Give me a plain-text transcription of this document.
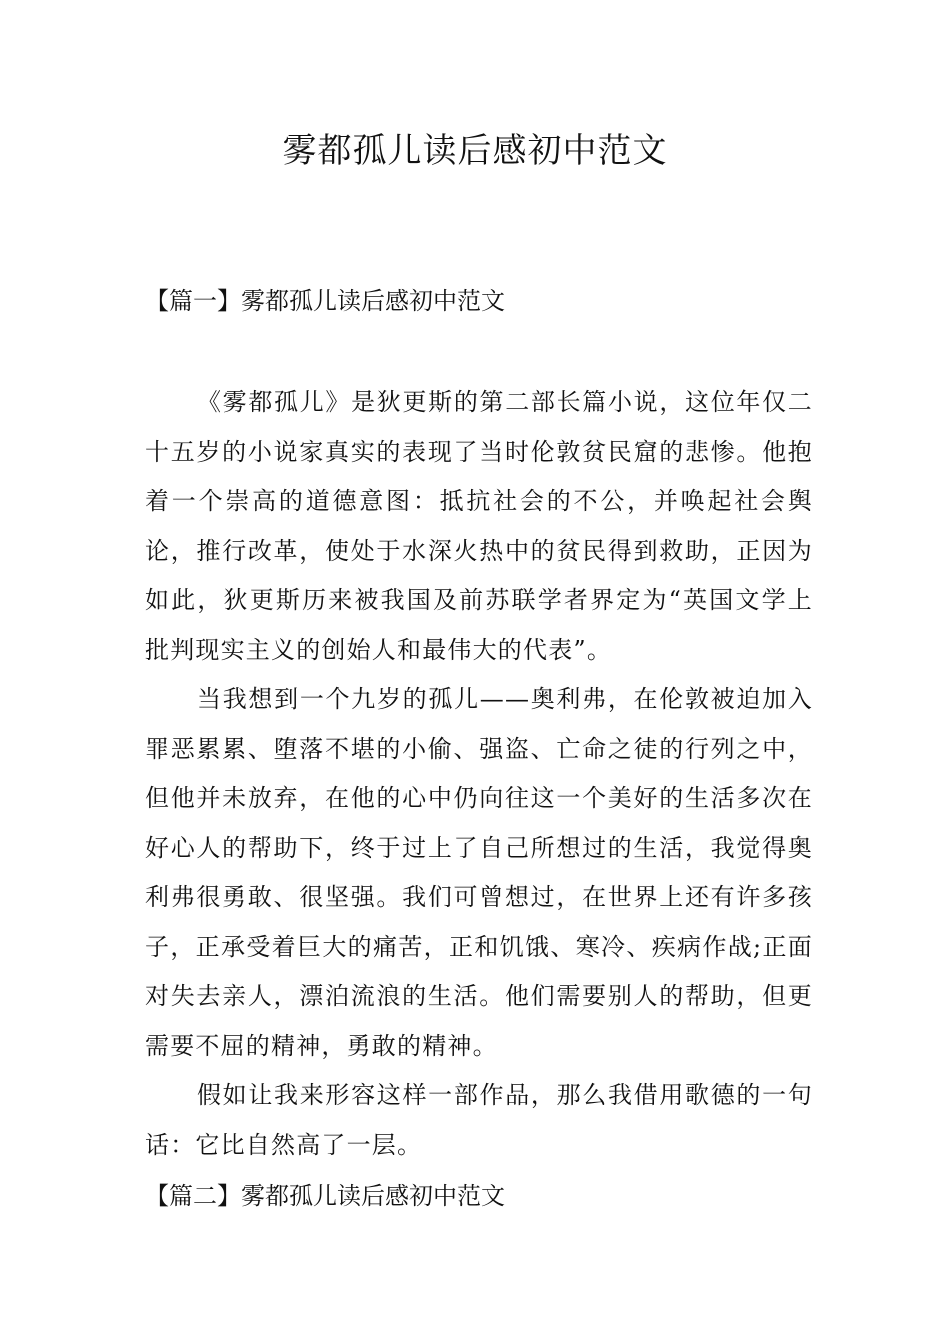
雾都孤儿读后感初中范文
【篇一】雾都孤儿读后感初中范文

《雾都孤儿》是狄更斯的第二部长篇小说，这位年仅二十五岁的小说家真实的表现了当时伦敦贫民窟的悲惨。他抱着一个崇高的道德意图：抵抗社会的不公，并唤起社会舆论，推行改革，使处于水深火热中的贫民得到救助，正因为如此，狄更斯历来被我国及前苏联学者界定为“英国文学上批判现实主义的创始人和最伟大的代表”。

当我想到一个九岁的孤儿——奥利弗，在伦敦被迫加入罪恶累累、堕落不堪的小偷、强盗、亡命之徒的行列之中，但他并未放弃，在他的心中仍向往这一个美好的生活多次在好心人的帮助下，终于过上了自己所想过的生活，我觉得奥利弗很勇敢、很坚强。我们可曾想过，在世界上还有许多孩子，正承受着巨大的痛苦，正和饥饿、寒冷、疾病作战;正面对失去亲人，漂泊流浪的生活。他们需要别人的帮助，但更需要不屈的精神，勇敢的精神。

假如让我来形容这样一部作品，那么我借用歌德的一句话：它比自然高了一层。

【篇二】雾都孤儿读后感初中范文
